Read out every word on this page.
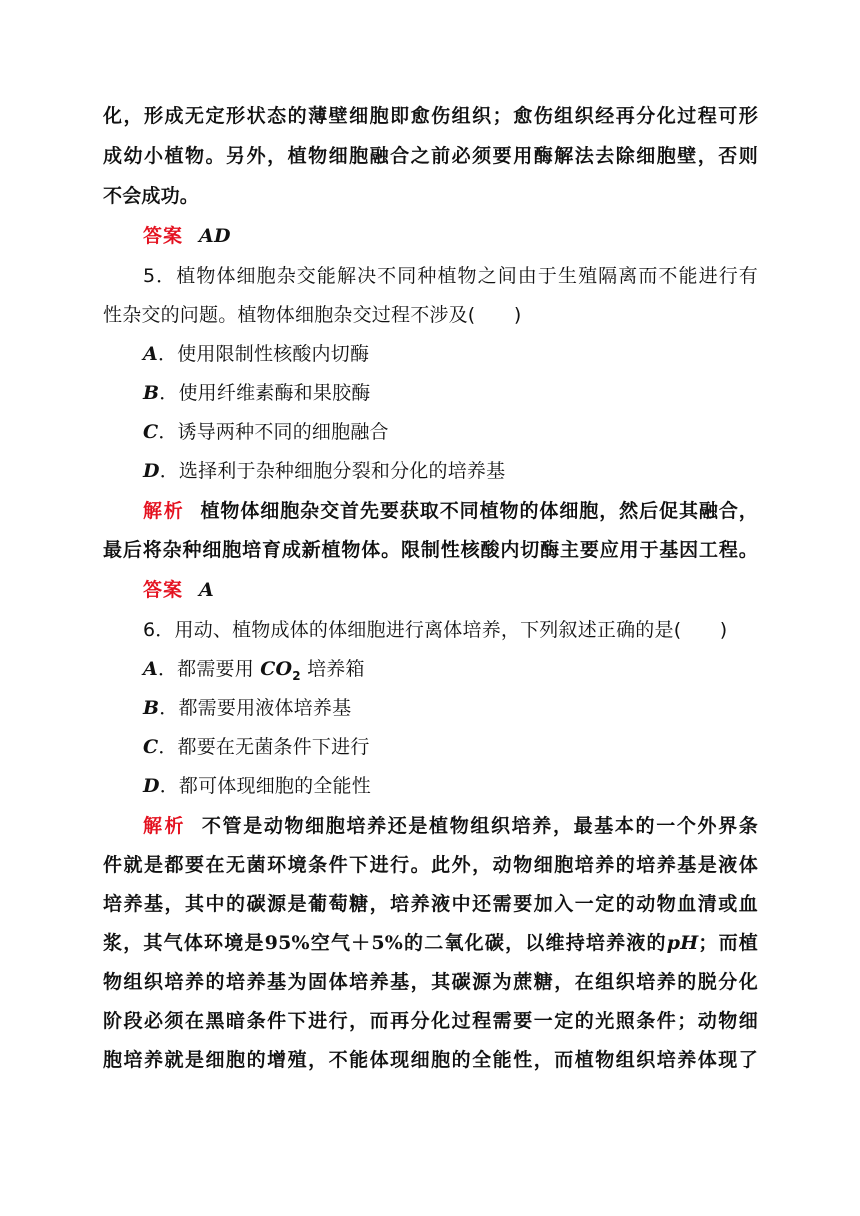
化，形成无定形状态的薄壁细胞即愈伤组织；愈伤组织经再分化过程可形
成幼小植物。另外，植物细胞融合之前必须要用酶解法去除细胞壁，否则
不会成功。
答案 AD
5．植物体细胞杂交能解决不同种植物之间由于生殖隔离而不能进行有
性杂交的问题。植物体细胞杂交过程不涉及(　　)
A．使用限制性核酸内切酶
B．使用纤维素酶和果胶酶
C．诱导两种不同的细胞融合
D．选择利于杂种细胞分裂和分化的培养基
解析 植物体细胞杂交首先要获取不同植物的体细胞，然后促其融合，
最后将杂种细胞培育成新植物体。限制性核酸内切酶主要应用于基因工程。
答案 A
6．用动、植物成体的体细胞进行离体培养，下列叙述正确的是(　　)
A．都需要用 $CO_2$ 培养箱
B．都需要用液体培养基
C．都要在无菌条件下进行
D．都可体现细胞的全能性
解析 不管是动物细胞培养还是植物组织培养，最基本的一个外界条
件就是都要在无菌环境条件下进行。此外，动物细胞培养的培养基是液体
培养基，其中的碳源是葡萄糖，培养液中还需要加入一定的动物血清或血
浆，其气体环境是95%空气＋5%的二氧化碳，以维持培养液的pH；而植
物组织培养的培养基为固体培养基，其碳源为蔗糖，在组织培养的脱分化
阶段必须在黑暗条件下进行，而再分化过程需要一定的光照条件；动物细
胞培养就是细胞的增殖，不能体现细胞的全能性，而植物组织培养体现了
